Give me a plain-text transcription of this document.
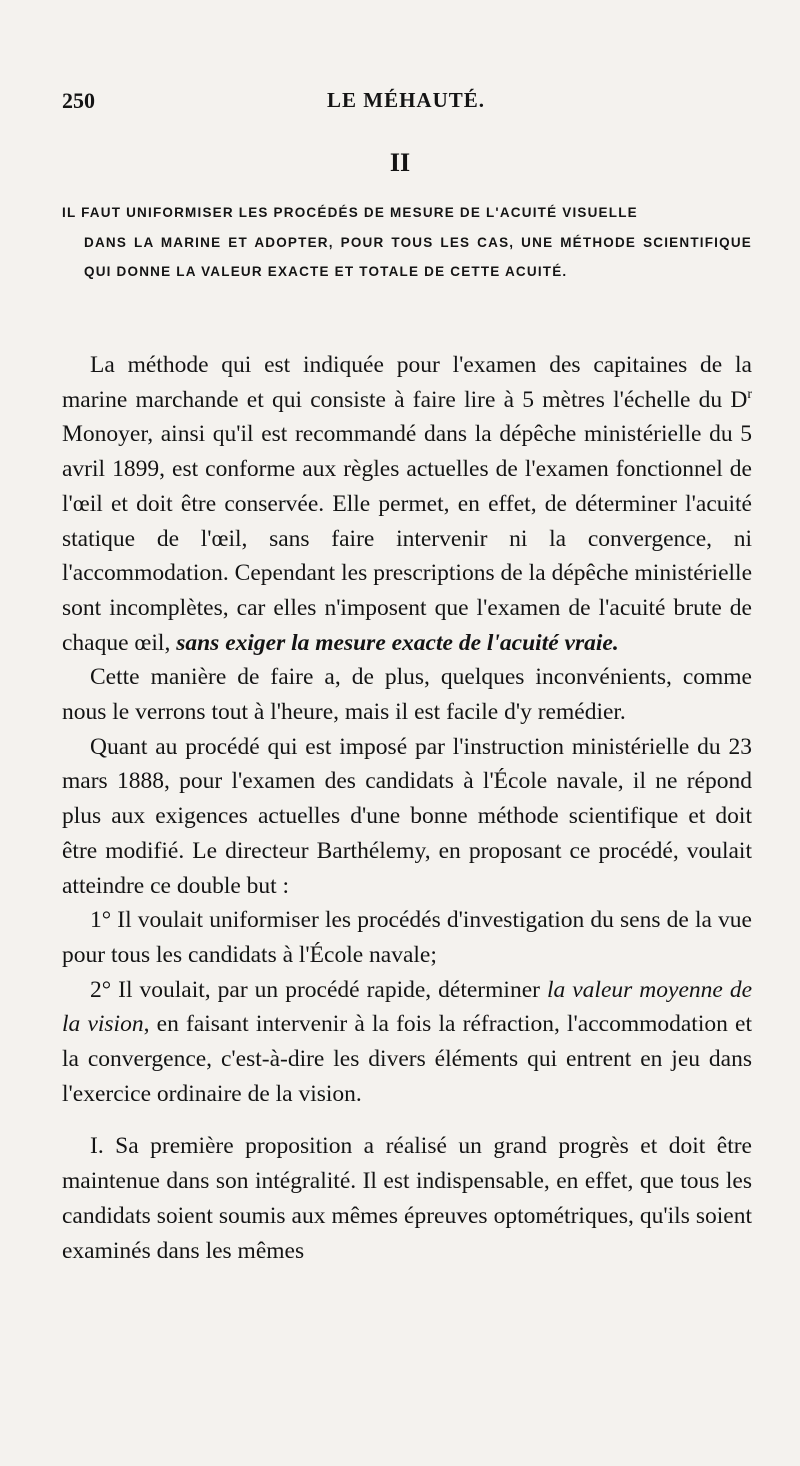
250	LE MÉHAUTÉ.
II
IL FAUT UNIFORMISER LES PROCÉDÉS DE MESURE DE L'ACUITÉ VISUELLE
DANS LA MARINE ET ADOPTER, POUR TOUS LES CAS, UNE MÉTHODE SCIENTIFIQUE QUI DONNE LA VALEUR EXACTE ET TOTALE DE CETTE ACUITÉ.

La méthode qui est indiquée pour l'examen des capitaines de la marine marchande et qui consiste à faire lire à 5 mètres l'échelle du $D^r$ Monoyer, ainsi qu'il est recommandé dans la dépêche ministérielle du 5 avril 1899, est conforme aux règles actuelles de l'examen fonctionnel de l'œil et doit être conservée. Elle permet, en effet, de déterminer l'acuité statique de l'œil, sans faire intervenir ni la convergence, ni l'accommodation. Cependant les prescriptions de la dépêche ministérielle sont incomplètes, car elles n'imposent que l'examen de l'acuité brute de chaque œil, sans exiger la mesure exacte de l'acuité vraie.

Cette manière de faire a, de plus, quelques inconvénients, comme nous le verrons tout à l'heure, mais il est facile d'y remédier.

Quant au procédé qui est imposé par l'instruction ministérielle du 23 mars 1888, pour l'examen des candidats à l'École navale, il ne répond plus aux exigences actuelles d'une bonne méthode scientifique et doit être modifié. Le directeur Barthélemy, en proposant ce procédé, voulait atteindre ce double but :

1° Il voulait uniformiser les procédés d'investigation du sens de la vue pour tous les candidats à l'École navale;

2° Il voulait, par un procédé rapide, déterminer la valeur moyenne de la vision, en faisant intervenir à la fois la réfraction, l'accommodation et la convergence, c'est-à-dire les divers éléments qui entrent en jeu dans l'exercice ordinaire de la vision.

I. Sa première proposition a réalisé un grand progrès et doit être maintenue dans son intégralité. Il est indispensable, en effet, que tous les candidats soient soumis aux mêmes épreuves optométriques, qu'ils soient examinés dans les mêmes
